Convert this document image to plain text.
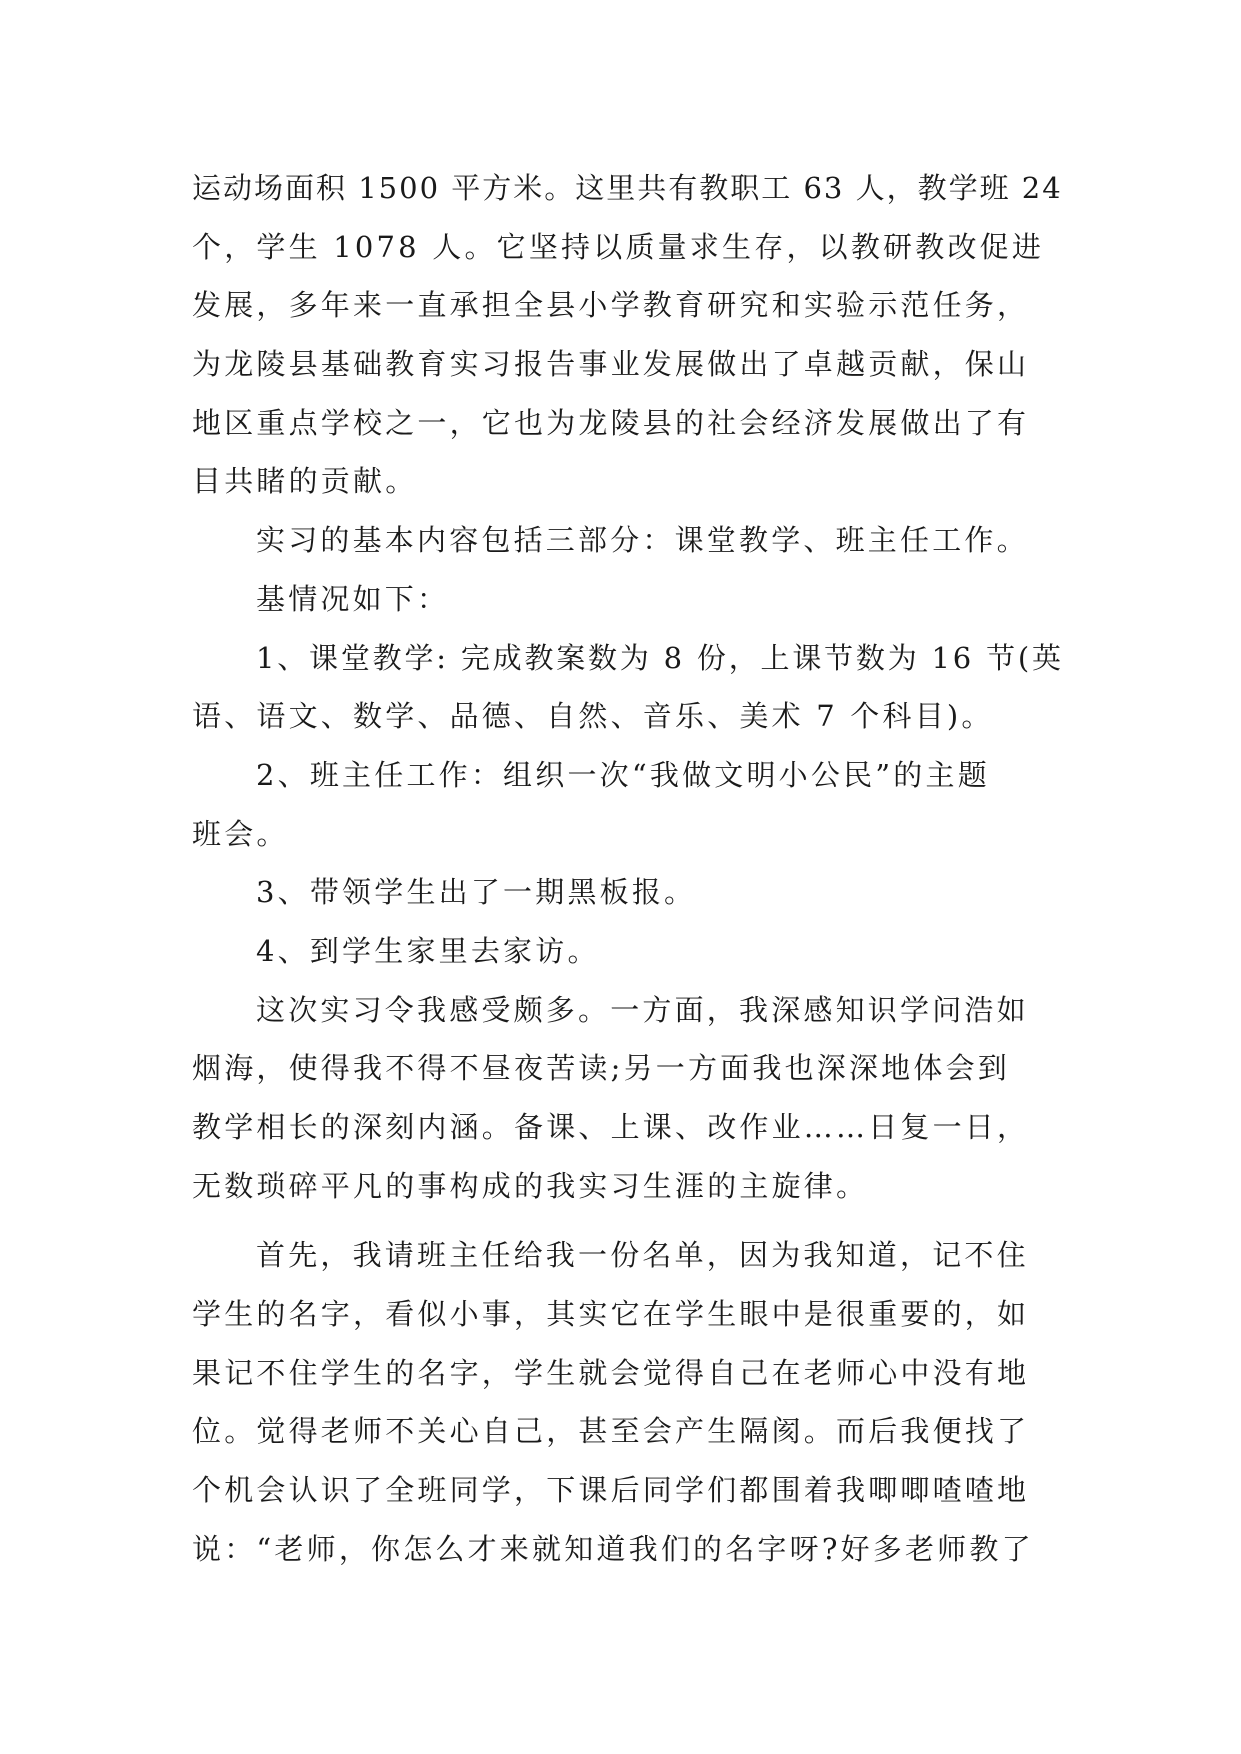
运动场面积 1500 平方米。这里共有教职工 63 人，教学班 24
个，学生 1078 人。它坚持以质量求生存，以教研教改促进
发展，多年来一直承担全县小学教育研究和实验示范任务，
为龙陵县基础教育实习报告事业发展做出了卓越贡献，保山
地区重点学校之一，它也为龙陵县的社会经济发展做出了有
目共睹的贡献。
实习的基本内容包括三部分：课堂教学、班主任工作。
基情况如下：
1、课堂教学: 完成教案数为 8 份，上课节数为 16 节(英
语、语文、数学、品德、自然、音乐、美术 7 个科目)。
2、班主任工作：组织一次“我做文明小公民”的主题
班会。
3、带领学生出了一期黑板报。
4、到学生家里去家访。
这次实习令我感受颇多。一方面，我深感知识学问浩如
烟海，使得我不得不昼夜苦读;另一方面我也深深地体会到
教学相长的深刻内涵。备课、上课、改作业……日复一日，
无数琐碎平凡的事构成的我实习生涯的主旋律。
首先，我请班主任给我一份名单，因为我知道，记不住
学生的名字，看似小事，其实它在学生眼中是很重要的，如
果记不住学生的名字，学生就会觉得自己在老师心中没有地
位。觉得老师不关心自己，甚至会产生隔阂。而后我便找了
个机会认识了全班同学，下课后同学们都围着我唧唧喳喳地
说：“老师，你怎么才来就知道我们的名字呀?好多老师教了
